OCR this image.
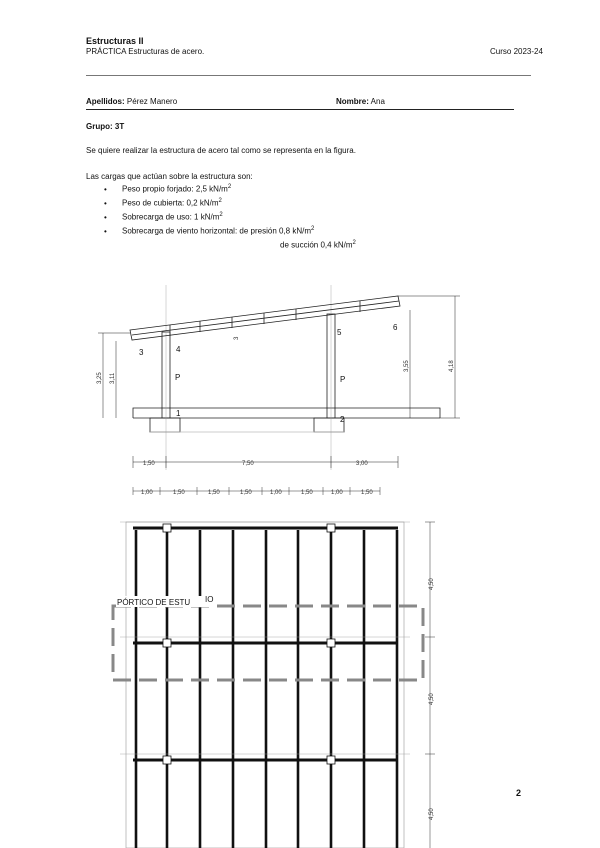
Estructuras II
PRÁCTICA Estructuras de acero.	Curso 2023-24
Apellidos: Pérez Manero	Nombre: Ana
Grupo: 3T
Se quiere realizar la estructura de acero tal como se representa en la figura.
Las cargas que actúan sobre la estructura son:
• Peso propio forjado: 2,5 $kN/m^2$
• Peso de cubierta: 0,2 $kN/m^2$
• Sobrecarga de uso: 1 $kN/m^2$
• Sobrecarga de viento horizontal: de presión 0,8 $kN/m^2$
de succión 0,4 $kN/m^2$
1
2
3	4
5
6
P	P
3,25 3,11
3,55	4,18
3
1,50	7,50	3,00
1,00	1,50	1,50	1,50	1,00	1,50	1,00	1,50
PÓRTICO DE ESTU IO
4,50
4,50
4,50
2
